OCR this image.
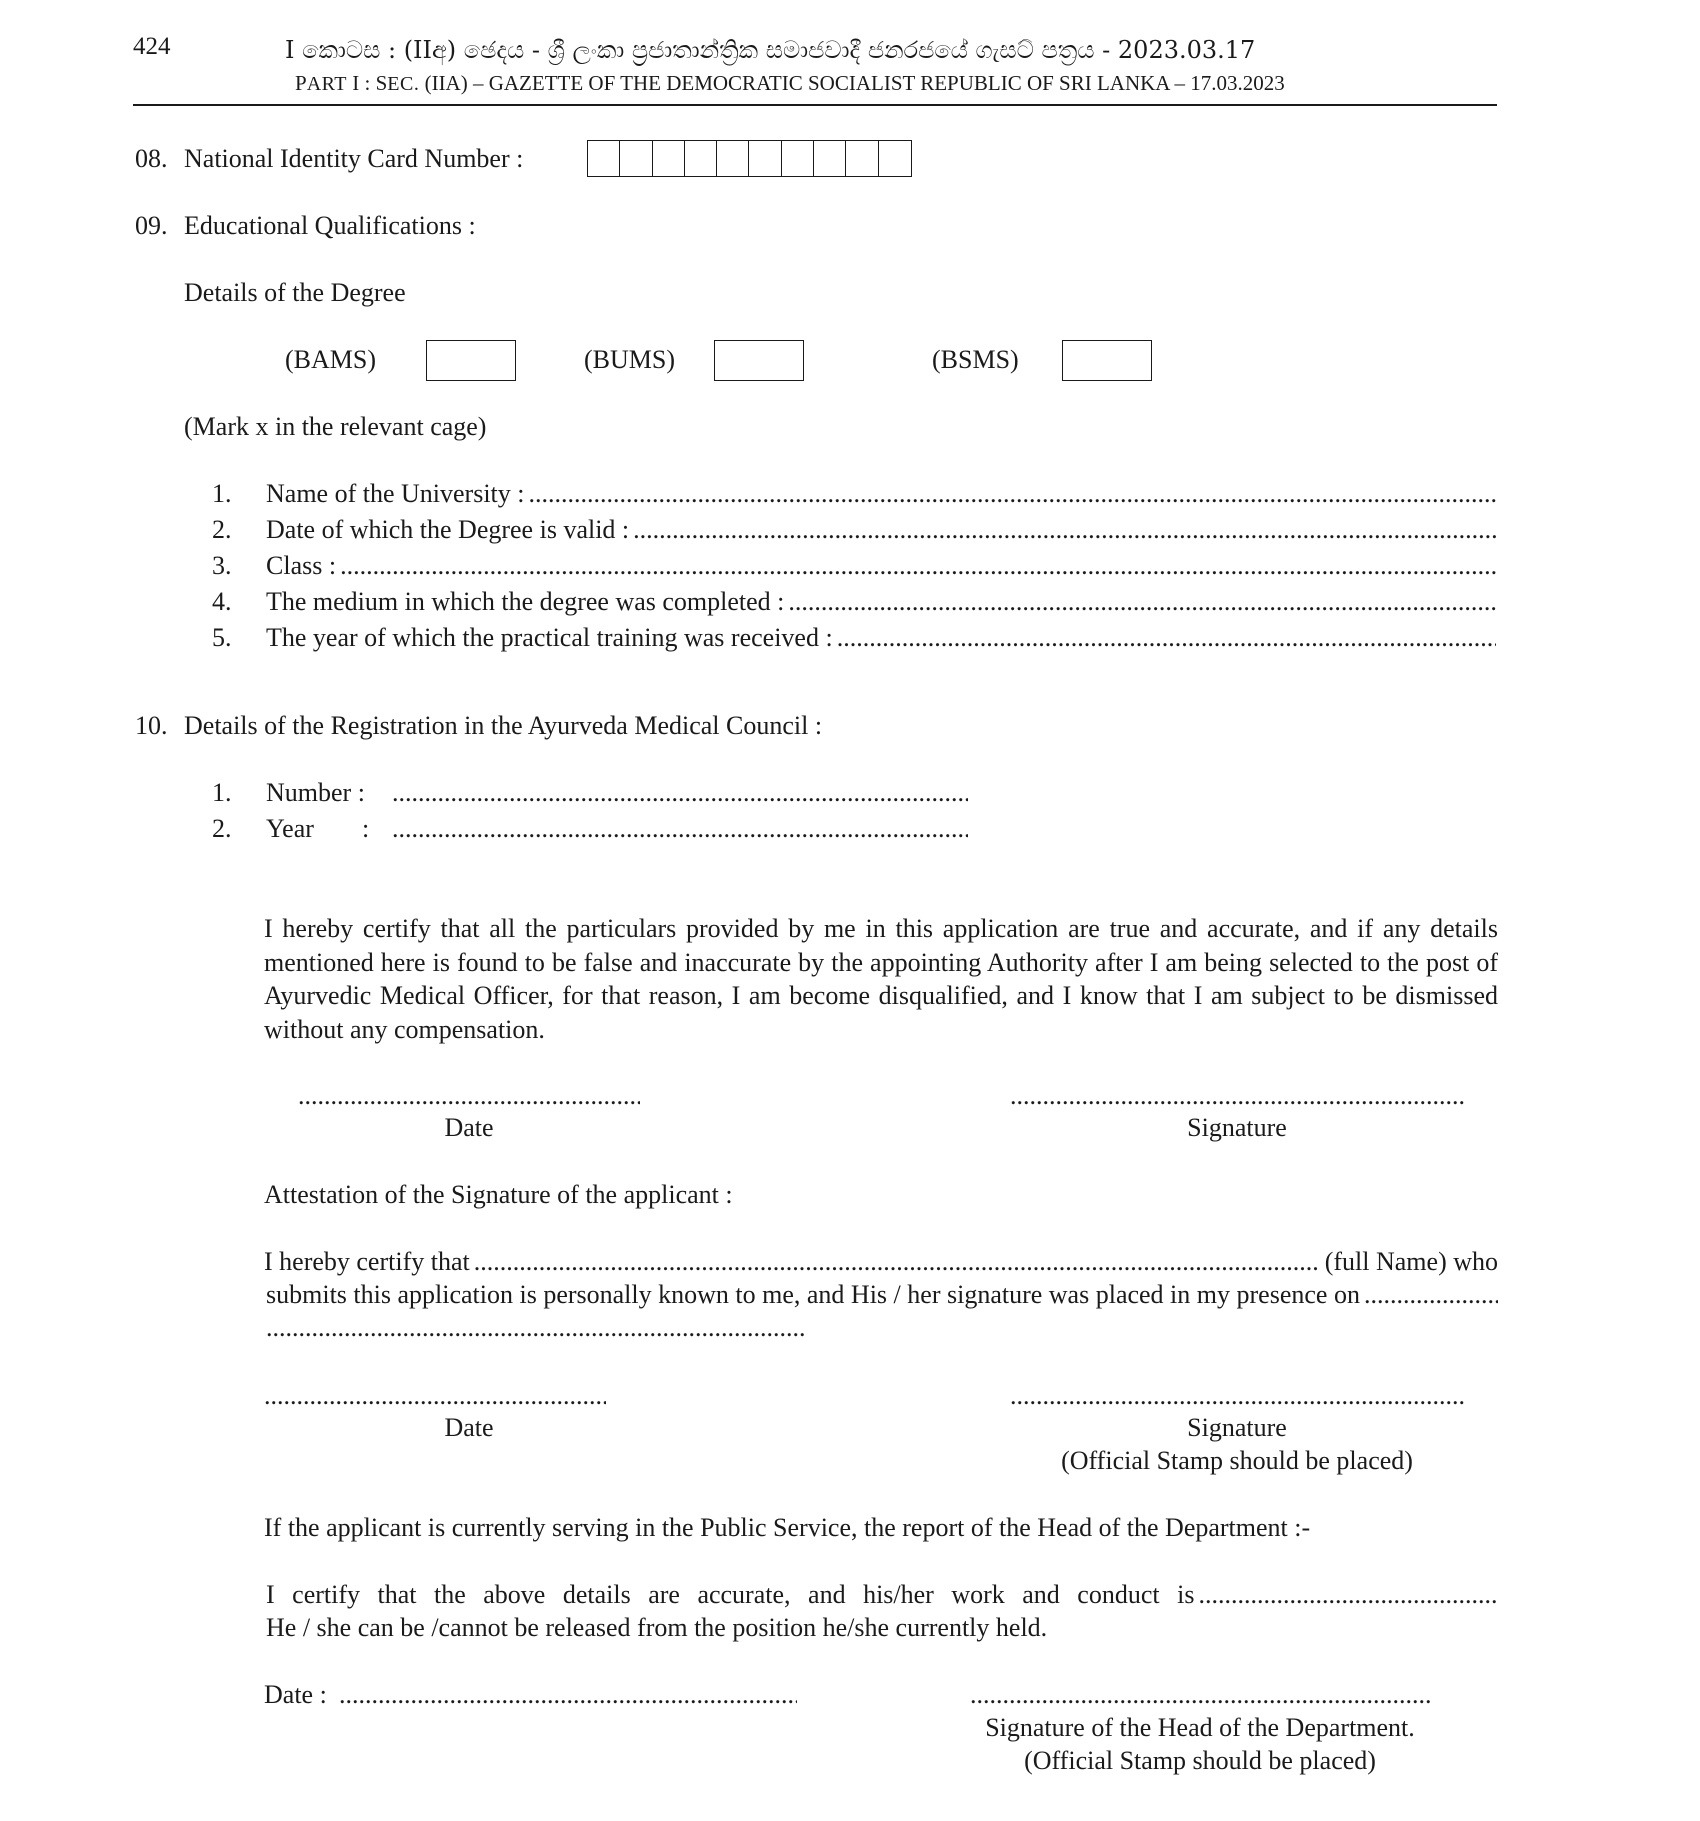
424	I කොටස : (IIඅ) ඡෙදය - ශ්‍රී ලංකා ප්‍රජාතාන්ත්‍රික සමාජවාදී ජනරජයේ ගැසට් පත්‍රය - 2023.03.17
PART I : SEC. (IIA) – GAZETTE OF THE DEMOCRATIC SOCIALIST REPUBLIC OF SRI LANKA – 17.03.2023
08. National Identity Card Number :
09. Educational Qualifications :
Details of the Degree
(BAMS)	(BUMS)	(BSMS)
(Mark x in the relevant cage)
1. Name of the University :
.....
2. Date of which the Degree is valid :
.....
3. Class :
.....
4. The medium in which the degree was completed :
.....
5. The year of which the practical training was received :
.....
10. Details of the Registration in the Ayurveda Medical Council :
1. Number :
.....
2. Year :
.....
I hereby certify that all the particulars provided by me in this application are true and accurate, and if any details mentioned here is found to be false and inaccurate by the appointing Authority after I am being selected to the post of Ayurvedic Medical Officer, for that reason, I am become disqualified, and I know that I am subject to be dismissed without any compensation.
.....
.....
Date	Signature
Attestation of the Signature of the applicant :
I hereby certify that
.....	(full Name) who
submits this application is personally known to me, and His / her signature was placed in my presence on
.....
.....
.....
.....
Date	Signature
(Official Stamp should be placed)
If the applicant is currently serving in the Public Service, the report of the Head of the Department :-
I certify that the above details are accurate, and his/her work and conduct is
.....
He / she can be /cannot be released from the position he/she currently held.
Date :
.....
.....
Signature of the Head of the Department.
(Official Stamp should be placed)
